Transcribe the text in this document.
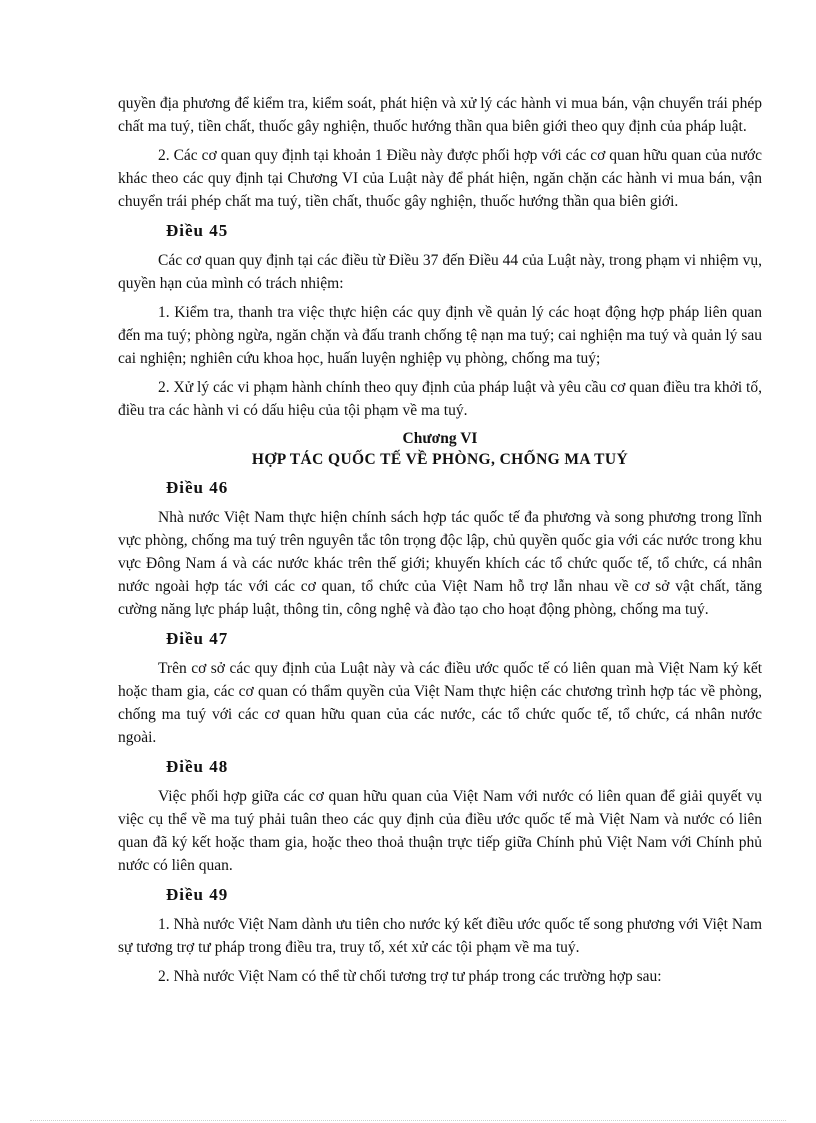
quyền địa phương để kiểm tra, kiểm soát, phát hiện và xử lý các hành vi mua bán, vận chuyển trái phép chất ma tuý, tiền chất, thuốc gây nghiện, thuốc hướng thần qua biên giới theo quy định của pháp luật.

2. Các cơ quan quy định tại khoản 1 Điều này được phối hợp với các cơ quan hữu quan của nước khác theo các quy định tại Chương VI của Luật này để phát hiện, ngăn chặn các hành vi mua bán, vận chuyển trái phép chất ma tuý, tiền chất, thuốc gây nghiện, thuốc hướng thần qua biên giới.

Điều 45

Các cơ quan quy định tại các điều từ Điều 37 đến Điều 44 của Luật này, trong phạm vi nhiệm vụ, quyền hạn của mình có trách nhiệm:

1. Kiểm tra, thanh tra việc thực hiện các quy định về quản lý các hoạt động hợp pháp liên quan đến ma tuý; phòng ngừa, ngăn chặn và đấu tranh chống tệ nạn ma tuý; cai nghiện ma tuý và quản lý sau cai nghiện; nghiên cứu khoa học, huấn luyện nghiệp vụ phòng, chống ma tuý;

2. Xử lý các vi phạm hành chính theo quy định của pháp luật và yêu cầu cơ quan điều tra khởi tố, điều tra các hành vi có dấu hiệu của tội phạm về ma tuý.

Chương VI
HỢP TÁC QUỐC TẾ VỀ PHÒNG, CHỐNG MA TUÝ
Điều 46

Nhà nước Việt Nam thực hiện chính sách hợp tác quốc tế đa phương và song phương trong lĩnh vực phòng, chống ma tuý trên nguyên tắc tôn trọng độc lập, chủ quyền quốc gia với các nước trong khu vực Đông Nam á và các nước khác trên thế giới; khuyến khích các tổ chức quốc tế, tổ chức, cá nhân nước ngoài hợp tác với các cơ quan, tổ chức của Việt Nam hỗ trợ lẫn nhau về cơ sở vật chất, tăng cường năng lực pháp luật, thông tin, công nghệ và đào tạo cho hoạt động phòng, chống ma tuý.

Điều 47

Trên cơ sở các quy định của Luật này và các điều ước quốc tế có liên quan mà Việt Nam ký kết hoặc tham gia, các cơ quan có thẩm quyền của Việt Nam thực hiện các chương trình hợp tác về phòng, chống ma tuý với các cơ quan hữu quan của các nước, các tổ chức quốc tế, tổ chức, cá nhân nước ngoài.

Điều 48

Việc phối hợp giữa các cơ quan hữu quan của Việt Nam với nước có liên quan để giải quyết vụ việc cụ thể về ma tuý phải tuân theo các quy định của điều ước quốc tế mà Việt Nam và nước có liên quan đã ký kết hoặc tham gia, hoặc theo thoả thuận trực tiếp giữa Chính phủ Việt Nam với Chính phủ nước có liên quan.

Điều 49

1. Nhà nước Việt Nam dành ưu tiên cho nước ký kết điều ước quốc tế song phương với Việt Nam sự tương trợ tư pháp trong điều tra, truy tố, xét xử các tội phạm về ma tuý.

2. Nhà nước Việt Nam có thể từ chối tương trợ tư pháp trong các trường hợp sau:
